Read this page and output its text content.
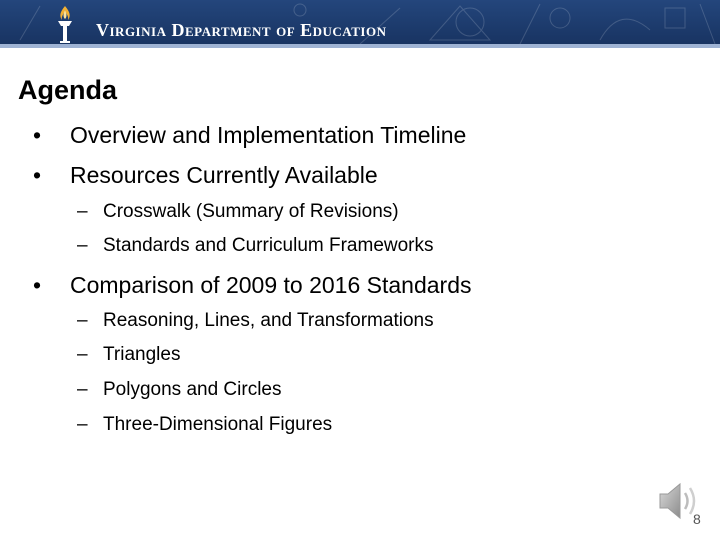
Virginia Department of Education
Agenda
• Overview and Implementation Timeline
• Resources Currently Available
– Crosswalk (Summary of Revisions)
– Standards and Curriculum Frameworks
• Comparison of 2009 to 2016 Standards
– Reasoning, Lines, and Transformations
– Triangles
– Polygons and Circles
– Three-Dimensional Figures
8
